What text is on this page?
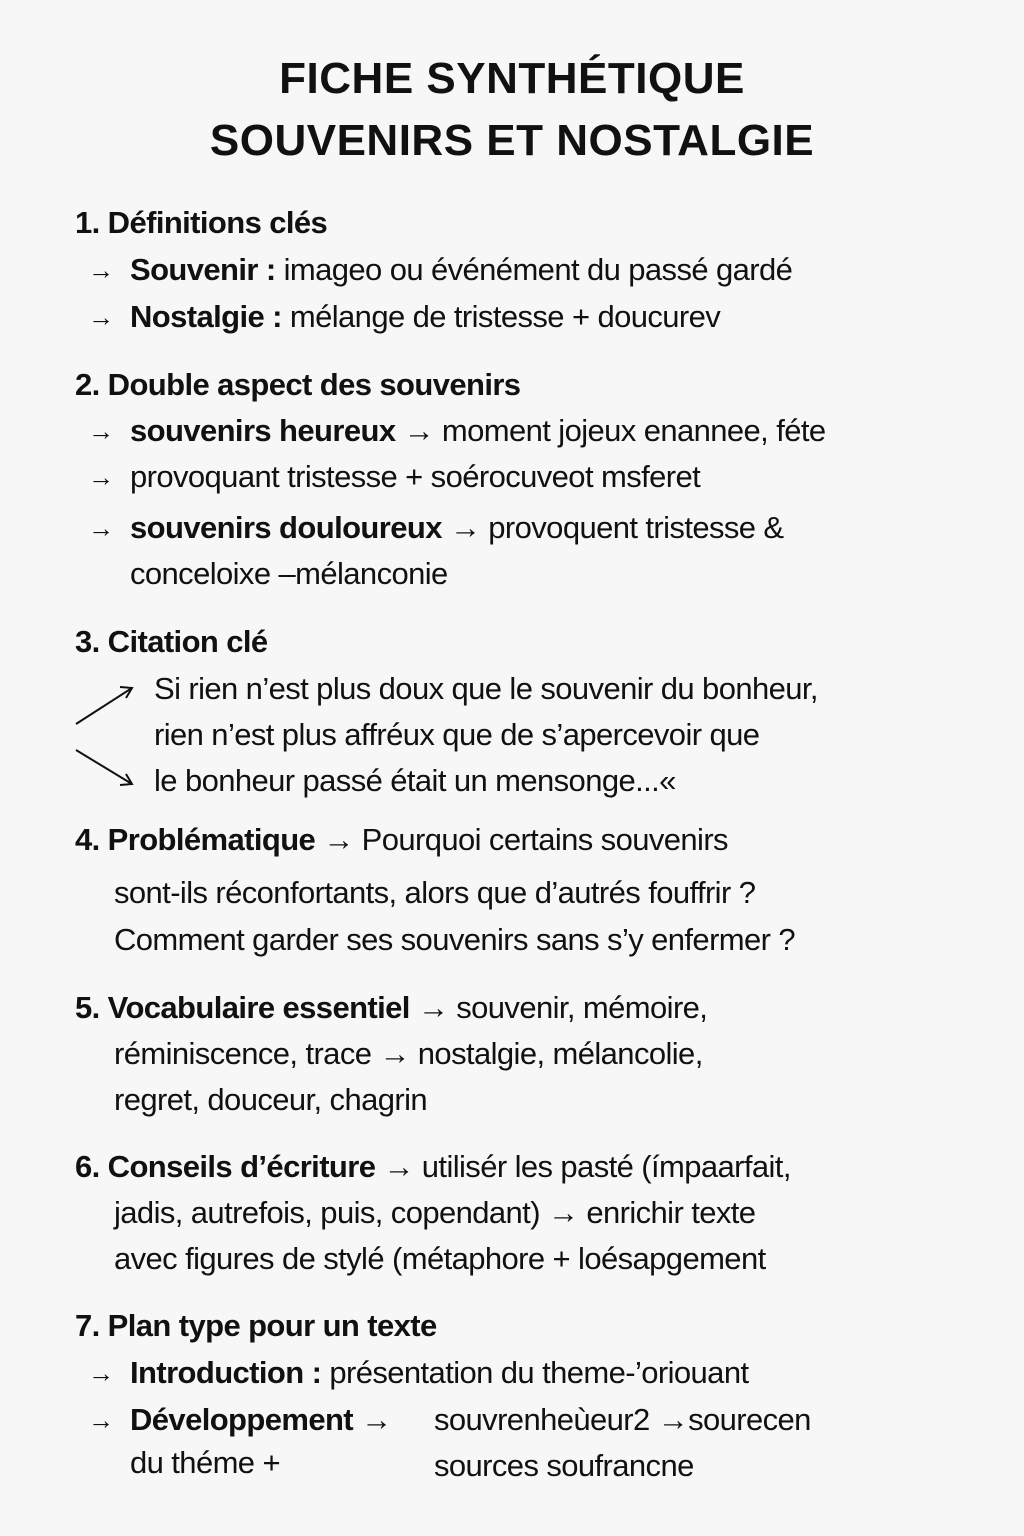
FICHE SYNTHÉTIQUE
SOUVENIRS ET NOSTALGIE
1. Définitions clés
→ Souvenir : imageo ou événément du passé gardé
→ Nostalgie : mélange de tristesse + doucurev
2. Double aspect des souvenirs
→ souvenirs heureux → moment jojeux enannee, féte
→ provoquant tristesse + soérocuveot msferet
→ souvenirs douloureux → provoquent tristesse &
conceloixe –mélanconie
3. Citation clé
Si rien n’est plus doux que le souvenir du bonheur,
rien n’est plus affréux que de s’apercevoir que
le bonheur passé était un mensonge...«
4. Problématique → Pourquoi certains souvenirs
sont-ils réconfortants, alors que d’autrés fouffrir ?
Comment garder ses souvenirs sans s’y enfermer ?
5. Vocabulaire essentiel → souvenir, mémoire,
réminiscence, trace → nostalgie, mélancolie,
regret, douceur, chagrin
6. Conseils d’écriture → utilisér les pasté (ímpaarfait,
jadis, autrefois, puis, copendant) → enrichir texte
avec figures de stylé (métaphore + loésapgement
7. Plan type pour un texte
→ Introduction : présentation du theme-’oriouant
→ Développement →
du théme +
souvrenheùeur2 →sourecen
sources soufrancne
